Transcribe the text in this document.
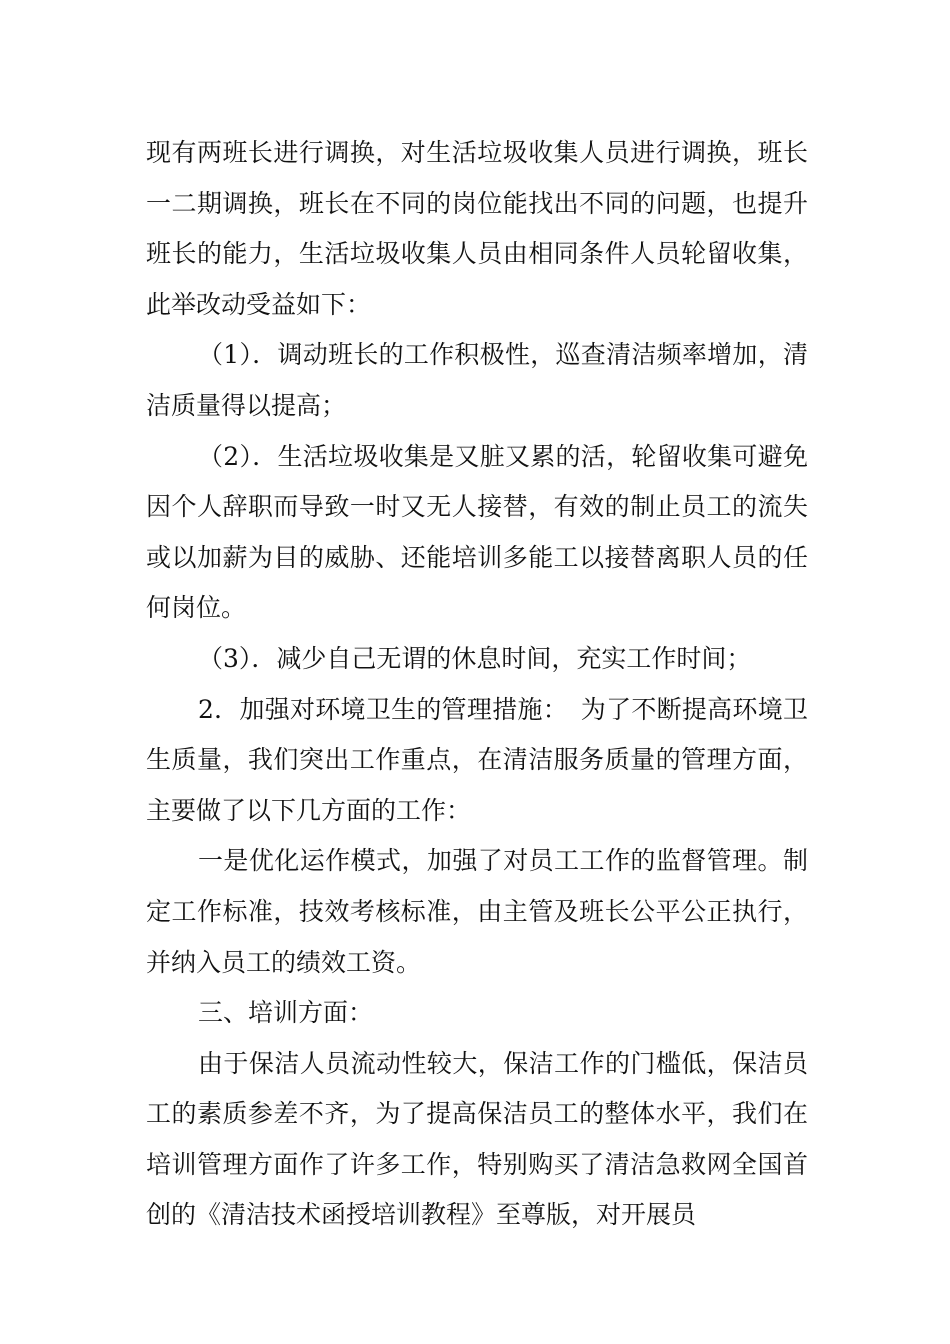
现有两班长进行调换，对生活垃圾收集人员进行调换，班长一二期调换，班长在不同的岗位能找出不同的问题，也提升班长的能力，生活垃圾收集人员由相同条件人员轮留收集，此举改动受益如下：

（1）．调动班长的工作积极性，巡查清洁频率增加，清洁质量得以提高；

（2）．生活垃圾收集是又脏又累的活，轮留收集可避免因个人辞职而导致一时又无人接替，有效的制止员工的流失或以加薪为目的威胁、还能培训多能工以接替离职人员的任何岗位。

（3）．减少自己无谓的休息时间，充实工作时间；

2．加强对环境卫生的管理措施：　为了不断提高环境卫生质量，我们突出工作重点，在清洁服务质量的管理方面，主要做了以下几方面的工作：

一是优化运作模式，加强了对员工工作的监督管理。制定工作标准，技效考核标准，由主管及班长公平公正执行，并纳入员工的绩效工资。

三、培训方面：

由于保洁人员流动性较大，保洁工作的门槛低，保洁员工的素质参差不齐，为了提高保洁员工的整体水平，我们在培训管理方面作了许多工作，特别购买了清洁急救网全国首创的《清洁技术函授培训教程》至尊版，对开展员
